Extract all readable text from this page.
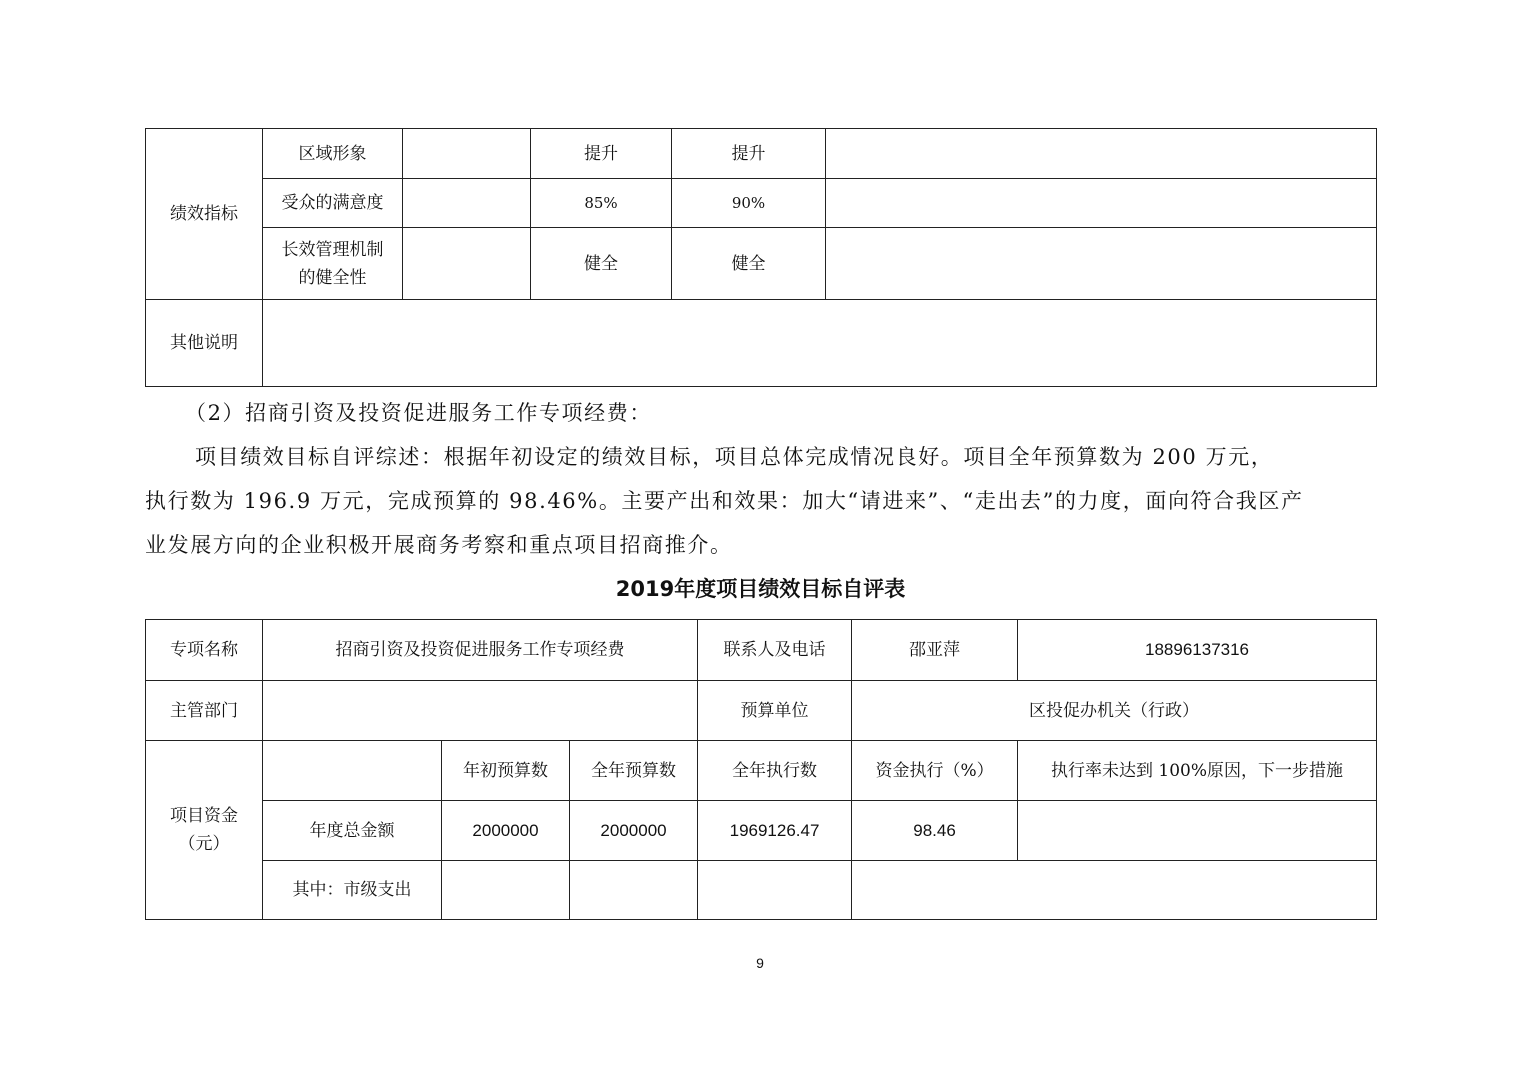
绩效指标	区域形象		提升	提升	
	受众的满意度		85%	90%	

	长效管理机制
的健全性		健全	健全	
其他说明					
（2）招商引资及投资促进服务工作专项经费：
项目绩效目标自评综述：根据年初设定的绩效目标，项目总体完成情况良好。项目全年预算数为 200 万元，
执行数为 196.9 万元，完成预算的 98.46%。主要产出和效果：加大“请进来”、“走出去”的力度，面向符合我区产
业发展方向的企业积极开展商务考察和重点项目招商推介。
2019年度项目绩效目标自评表
专项名称	招商引资及投资促进服务工作专项经费			联系人及电话	邵亚萍	18896137316
主管部门				预算单位	区投促办机关（行政）	

项目资金
（元）		年初预算数	全年预算数	全年执行数	资金执行（%）	执行率未达到 100%原因，下一步措施
	年度总金额	2000000	2000000	1969126.47	98.46	
	其中：市级支出					
9
